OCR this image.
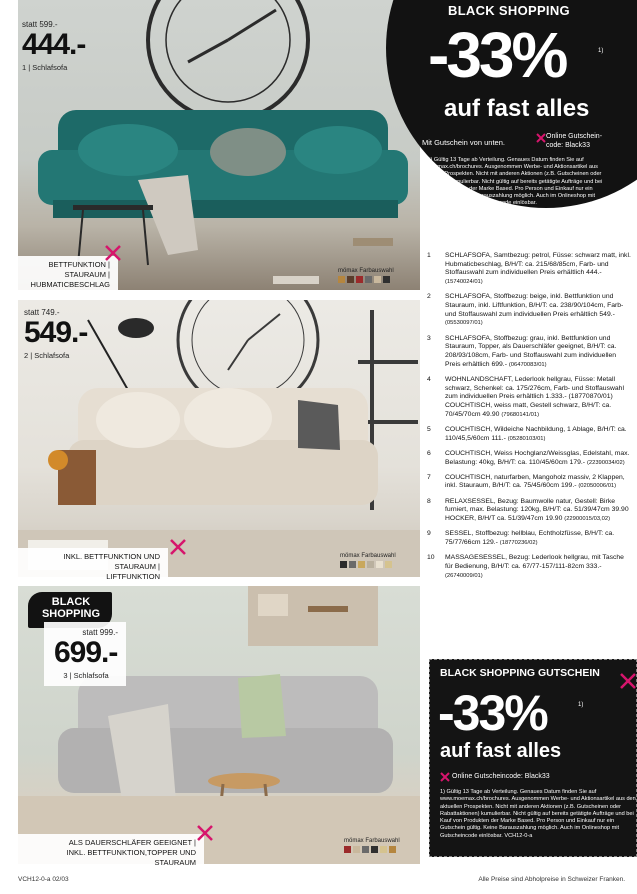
statt 599.-
444.-
1 | Schlafsofa
BETTFUNKTION |
STAURAUM |
HUBMATICBESCHLAG
mömax Farbauswahl
BLACK SHOPPING
-33%	1)
auf fast alles
Mit Gutschein von unten.
Online Gutschein-
code: Black33
1) Gültig 13 Tage ab Verteilung. Genaues Datum finden Sie auf www.moemax.ch/brochures. Ausgenommen Werbe- und Aktionsartikel aus den aktuellen Prospekten. Nicht mit anderen Aktionen (z.B. Gutscheinen oder Rabattaktionen) kumulierbar. Nicht gültig auf bereits getätigte Aufträge und bei Kauf von Produkten der Marke Based. Pro Person und Einkauf nur ein Gutschein gültig. Keine Barauszahlung möglich. Auch im Onlineshop mit Gutscheincode einlösbar.
statt 749.-
549.-
2 | Schlafsofa
INKL. BETTFUNKTION UND STAURAUM |
LIFTFUNKTION
mömax Farbauswahl
BLACK
SHOPPING
statt 999.-
699.-
3 | Schlafsofa
ALS DAUERSCHLÄFER GEEIGNET |
INKL. BETTFUNKTION,TOPPER UND STAURAUM
mömax Farbauswahl
1	SCHLAFSOFA, Samtbezug: petrol, Füsse: schwarz matt, inkl. Hubmaticbeschlag, B/H/T: ca. 215/68/85cm, Farb- und Stoffauswahl zum individuellen Preis erhältlich 444.- (15740024/01)
2	SCHLAFSOFA, Stoffbezug: beige, inkl. Bettfunktion und Stauraum, inkl. Liftfunktion, B/H/T: ca. 238/90/104cm, Farb- und Stoffauswahl zum individuellen Preis erhältlich 549.- (05530097/01)
3	SCHLAFSOFA, Stoffbezug: grau, inkl. Bettfunktion und Stauraum, Topper, als Dauerschläfer geeignet, B/H/T: ca. 208/93/108cm, Farb- und Stoffauswahl zum individuellen Preis erhältlich 699.- (06470083/01)
4	WOHNLANDSCHAFT, Lederlook hellgrau, Füsse: Metall schwarz, Schenkel: ca. 175/276cm, Farb- und Stoffauswahl zum individuellen Preis erhältlich 1.333.- (18770870/01) COUCHTISCH, weiss matt, Gestell schwarz, B/H/T: ca. 70/45/70cm 49.90 (79680141/01)
5	COUCHTISCH, Wildeiche Nachbildung, 1 Ablage, B/H/T: ca. 110/45,5/60cm 111.- (05280103/01)
6	COUCHTISCH, Weiss Hochglanz/Weissglas, Edelstahl, max. Belastung: 40kg, B/H/T: ca. 110/45/60cm 179.- (22390034/02)
7	COUCHTISCH, naturfarben, Mangoholz massiv, 2 Klappen, inkl. Stauraum, B/H/T: ca. 75/45/60cm 199.- (02050006/01)
8	RELAXSESSEL, Bezug: Baumwolle natur, Gestell: Birke furniert, max. Belastung: 120kg, B/H/T: ca. 51/39/47cm 39.90 HOCKER, B/H/T ca. 51/39/47cm 19.90 (22900015/03,02)
9	SESSEL, Stoffbezug: hellblau, Echtholzfüsse, B/H/T: ca. 75/77/66cm 129.- (18770236/02)
10	MASSAGESESSEL, Bezug: Lederlook hellgrau, mit Tasche für Bedienung, B/H/T: ca. 67/77-157/111-82cm 333.- (26740009/01)
BLACK SHOPPING GUTSCHEIN
-33%	1)
auf fast alles
Online Gutscheincode: Black33
1) Gültig 13 Tage ab Verteilung. Genaues Datum finden Sie auf www.moemax.ch/brochures. Ausgenommen Werbe- und Aktionsartikel aus den aktuellen Prospekten. Nicht mit anderen Aktionen (z.B. Gutscheinen oder Rabattaktionen) kumulierbar. Nicht gültig auf bereits getätigte Aufträge und bei Kauf von Produkten der Marke Based. Pro Person und Einkauf nur ein Gutschein gültig. Keine Barauszahlung möglich. Auch im Onlineshop mit Gutscheincode einlösbar. VCH12-0-a
VCH12-0-a 02/03	Alle Preise sind Abholpreise in Schweizer Franken.
